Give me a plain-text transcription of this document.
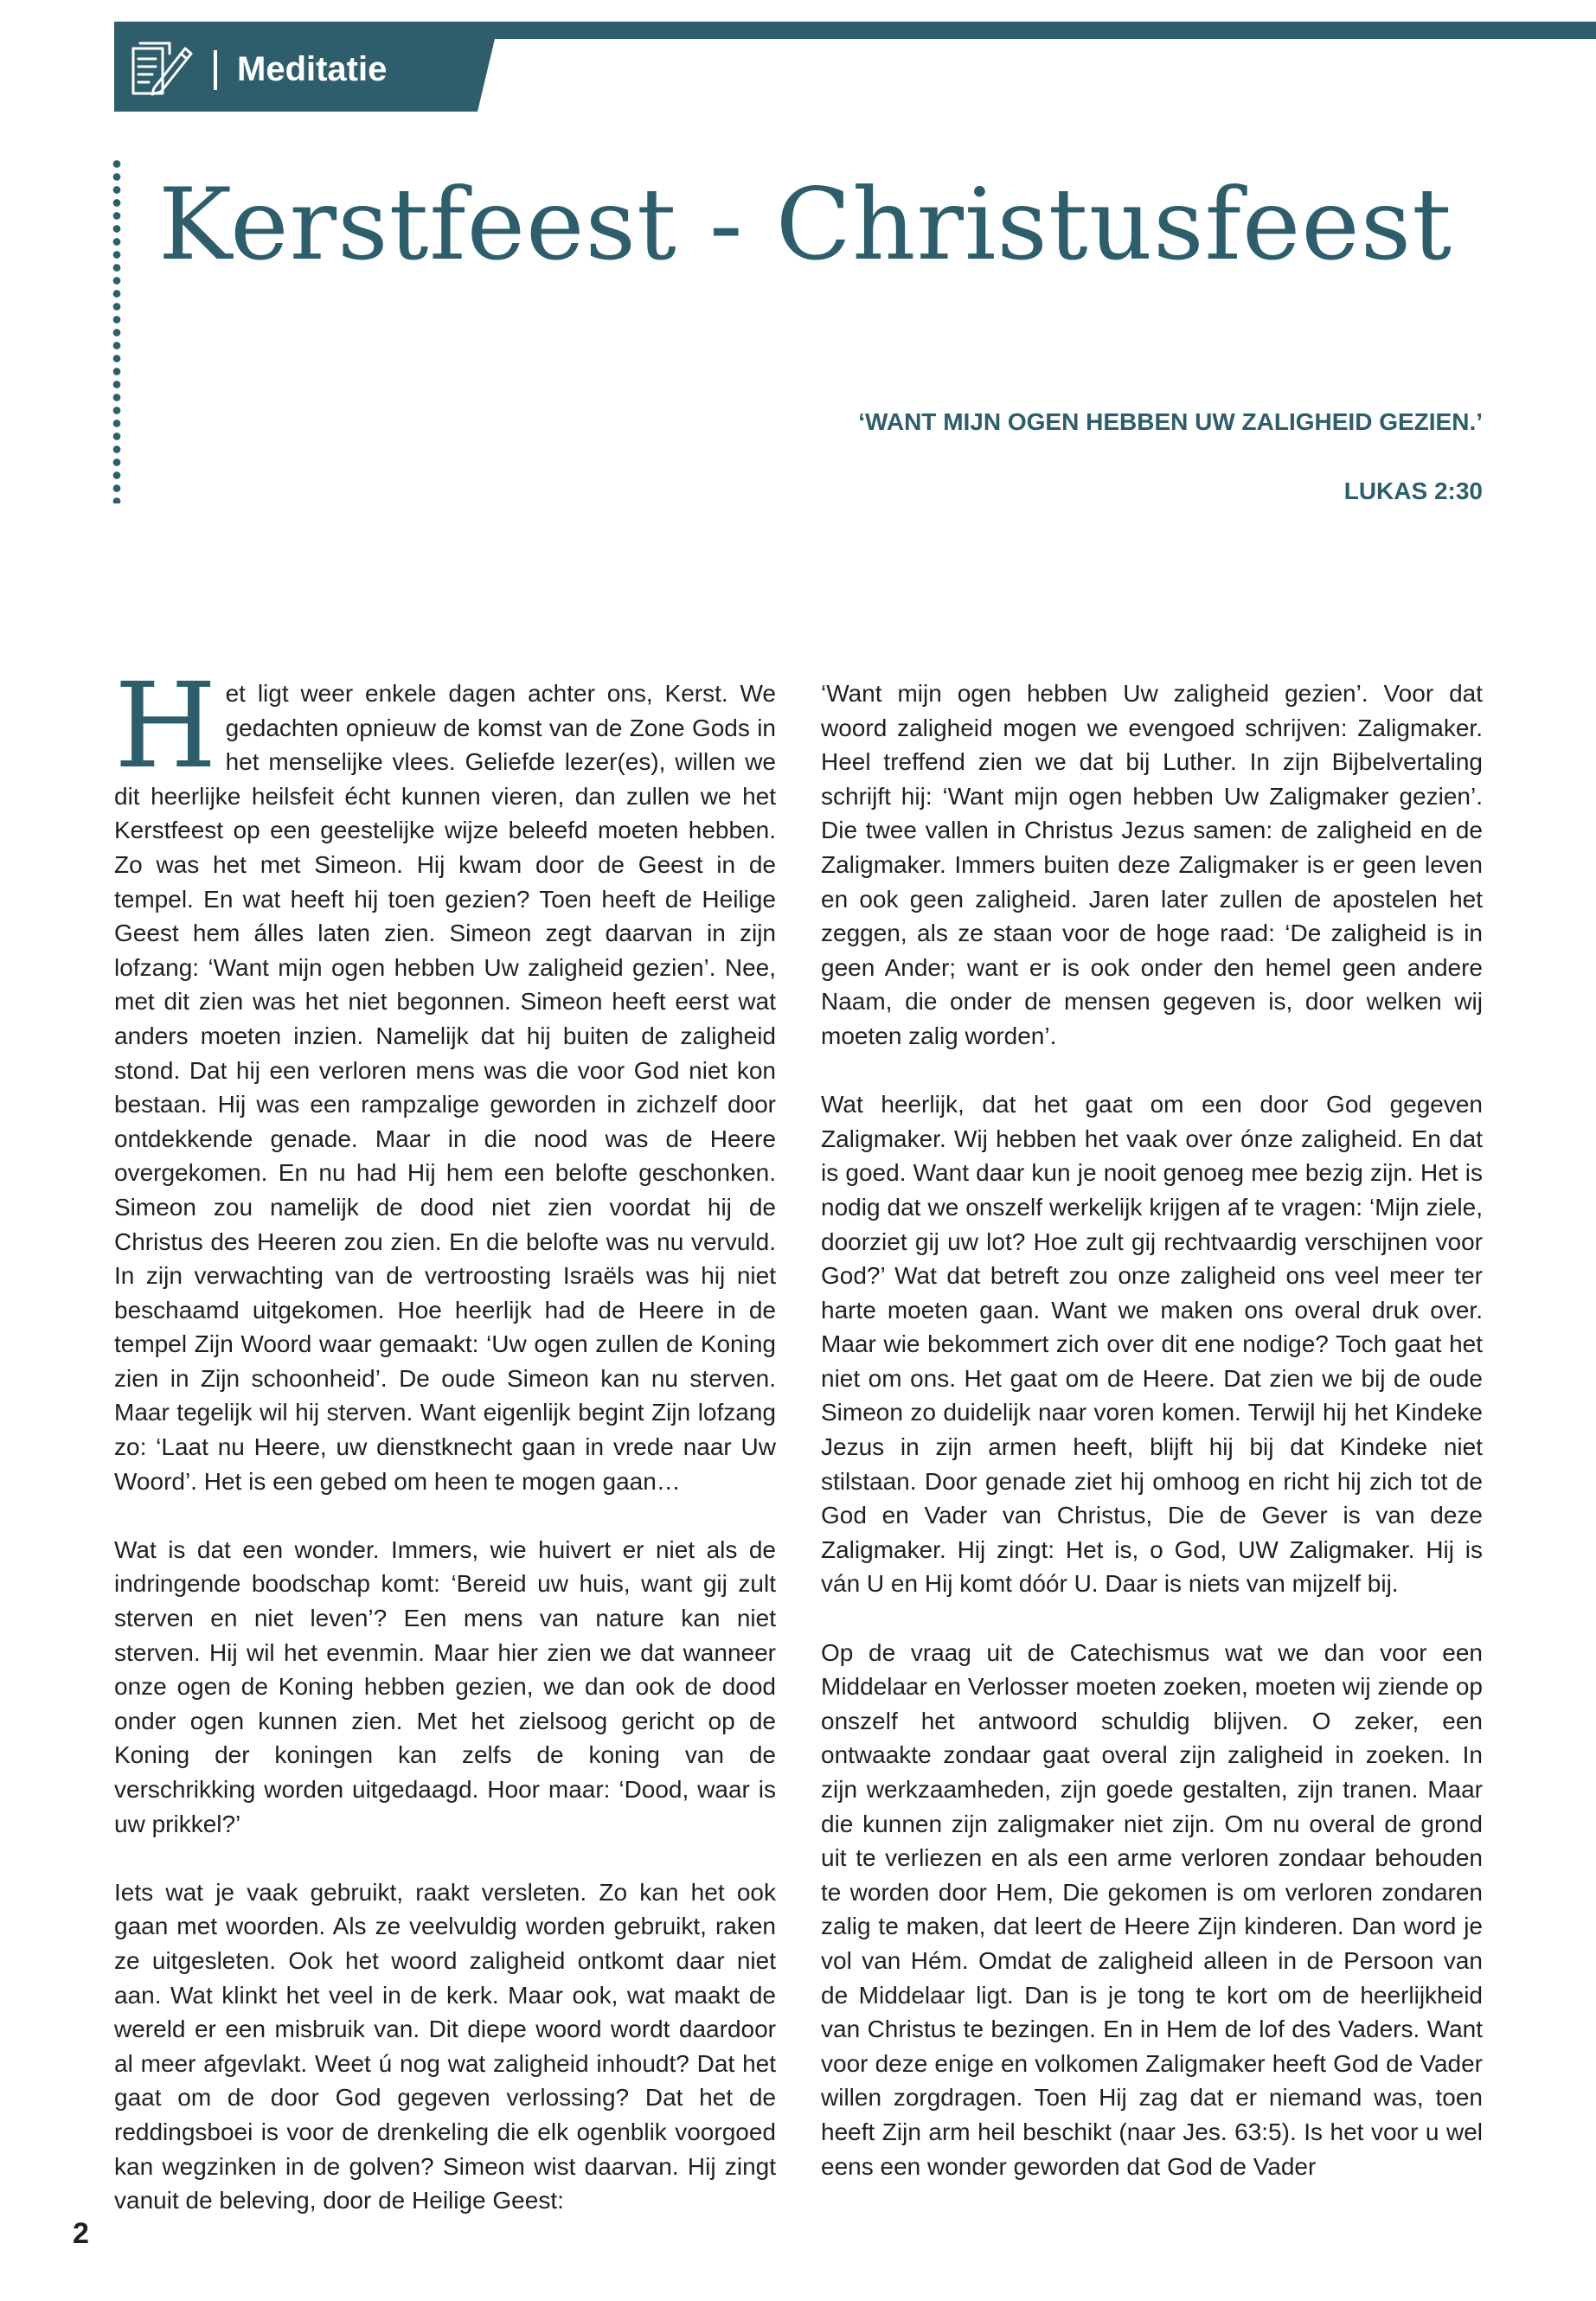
Meditatie
Kerstfeest - Christusfeest
‘WANT MIJN OGEN HEBBEN UW ZALIGHEID GEZIEN.’
LUKAS 2:30

Het ligt weer enkele dagen achter ons, Kerst. We gedachten opnieuw de komst van de Zone Gods in het menselijke vlees. Geliefde lezer(es), willen we dit heerlijke heilsfeit écht kunnen vieren, dan zullen we het Kerstfeest op een geestelijke wijze beleefd moeten hebben. Zo was het met Simeon. Hij kwam door de Geest in de tempel. En wat heeft hij toen gezien? Toen heeft de Heilige Geest hem álles laten zien. Simeon zegt daarvan in zijn lofzang: ‘Want mijn ogen hebben Uw zaligheid gezien’. Nee, met dit zien was het niet begonnen. Simeon heeft eerst wat anders moeten inzien. Namelijk dat hij buiten de zaligheid stond. Dat hij een verloren mens was die voor God niet kon bestaan. Hij was een rampzalige geworden in zichzelf door ontdekkende genade. Maar in die nood was de Heere overgekomen. En nu had Hij hem een belofte geschonken. Simeon zou namelijk de dood niet zien voordat hij de Christus des Heeren zou zien. En die belofte was nu vervuld. In zijn verwachting van de vertroosting Israëls was hij niet beschaamd uitgekomen. Hoe heerlijk had de Heere in de tempel Zijn Woord waar gemaakt: ‘Uw ogen zullen de Koning zien in Zijn schoonheid’. De oude Simeon kan nu sterven. Maar tegelijk wil hij sterven. Want eigenlijk begint Zijn lofzang zo: ‘Laat nu Heere, uw dienstknecht gaan in vrede naar Uw Woord’. Het is een gebed om heen te mogen gaan…

Wat is dat een wonder. Immers, wie huivert er niet als de indringende boodschap komt: ‘Bereid uw huis, want gij zult sterven en niet leven’? Een mens van nature kan niet sterven. Hij wil het evenmin. Maar hier zien we dat wanneer onze ogen de Koning hebben gezien, we dan ook de dood onder ogen kunnen zien. Met het zielsoog gericht op de Koning der koningen kan zelfs de koning van de verschrikking worden uitgedaagd. Hoor maar: ‘Dood, waar is uw prikkel?’

Iets wat je vaak gebruikt, raakt versleten. Zo kan het ook gaan met woorden. Als ze veelvuldig worden gebruikt, raken ze uitgesleten. Ook het woord zaligheid ontkomt daar niet aan. Wat klinkt het veel in de kerk. Maar ook, wat maakt de wereld er een misbruik van. Dit diepe woord wordt daardoor al meer afgevlakt. Weet ú nog wat zaligheid inhoudt? Dat het gaat om de door God gegeven verlossing? Dat het de reddingsboei is voor de drenkeling die elk ogenblik voorgoed kan wegzinken in de golven? Simeon wist daarvan. Hij zingt vanuit de beleving, door de Heilige Geest:

‘Want mijn ogen hebben Uw zaligheid gezien’. Voor dat woord zaligheid mogen we evengoed schrijven: Zaligmaker. Heel treffend zien we dat bij Luther. In zijn Bijbelvertaling schrijft hij: ‘Want mijn ogen hebben Uw Zaligmaker gezien’. Die twee vallen in Christus Jezus samen: de zaligheid en de Zaligmaker. Immers buiten deze Zaligmaker is er geen leven en ook geen zaligheid. Jaren later zullen de apostelen het zeggen, als ze staan voor de hoge raad: ‘De zaligheid is in geen Ander; want er is ook onder den hemel geen andere Naam, die onder de mensen gegeven is, door welken wij moeten zalig worden’.

Wat heerlijk, dat het gaat om een door God gegeven Zaligmaker. Wij hebben het vaak over ónze zaligheid. En dat is goed. Want daar kun je nooit genoeg mee bezig zijn. Het is nodig dat we onszelf werkelijk krijgen af te vragen: ‘Mijn ziele, doorziet gij uw lot? Hoe zult gij rechtvaardig verschijnen voor God?’ Wat dat betreft zou onze zaligheid ons veel meer ter harte moeten gaan. Want we maken ons overal druk over. Maar wie bekommert zich over dit ene nodige? Toch gaat het niet om ons. Het gaat om de Heere. Dat zien we bij de oude Simeon zo duidelijk naar voren komen. Terwijl hij het Kindeke Jezus in zijn armen heeft, blijft hij bij dat Kindeke niet stilstaan. Door genade ziet hij omhoog en richt hij zich tot de God en Vader van Christus, Die de Gever is van deze Zaligmaker. Hij zingt: Het is, o God, UW Zaligmaker. Hij is ván U en Hij komt dóór U. Daar is niets van mijzelf bij.

Op de vraag uit de Catechismus wat we dan voor een Middelaar en Verlosser moeten zoeken, moeten wij ziende op onszelf het antwoord schuldig blijven. O zeker, een ontwaakte zondaar gaat overal zijn zaligheid in zoeken. In zijn werkzaamheden, zijn goede gestalten, zijn tranen. Maar die kunnen zijn zaligmaker niet zijn. Om nu overal de grond uit te verliezen en als een arme verloren zondaar behouden te worden door Hem, Die gekomen is om verloren zondaren zalig te maken, dat leert de Heere Zijn kinderen. Dan word je vol van Hém. Omdat de zaligheid alleen in de Persoon van de Middelaar ligt. Dan is je tong te kort om de heerlijkheid van Christus te bezingen. En in Hem de lof des Vaders. Want voor deze enige en volkomen Zaligmaker heeft God de Vader willen zorgdragen. Toen Hij zag dat er niemand was, toen heeft Zijn arm heil beschikt (naar Jes. 63:5). Is het voor u wel eens een wonder geworden dat God de Vader

2
